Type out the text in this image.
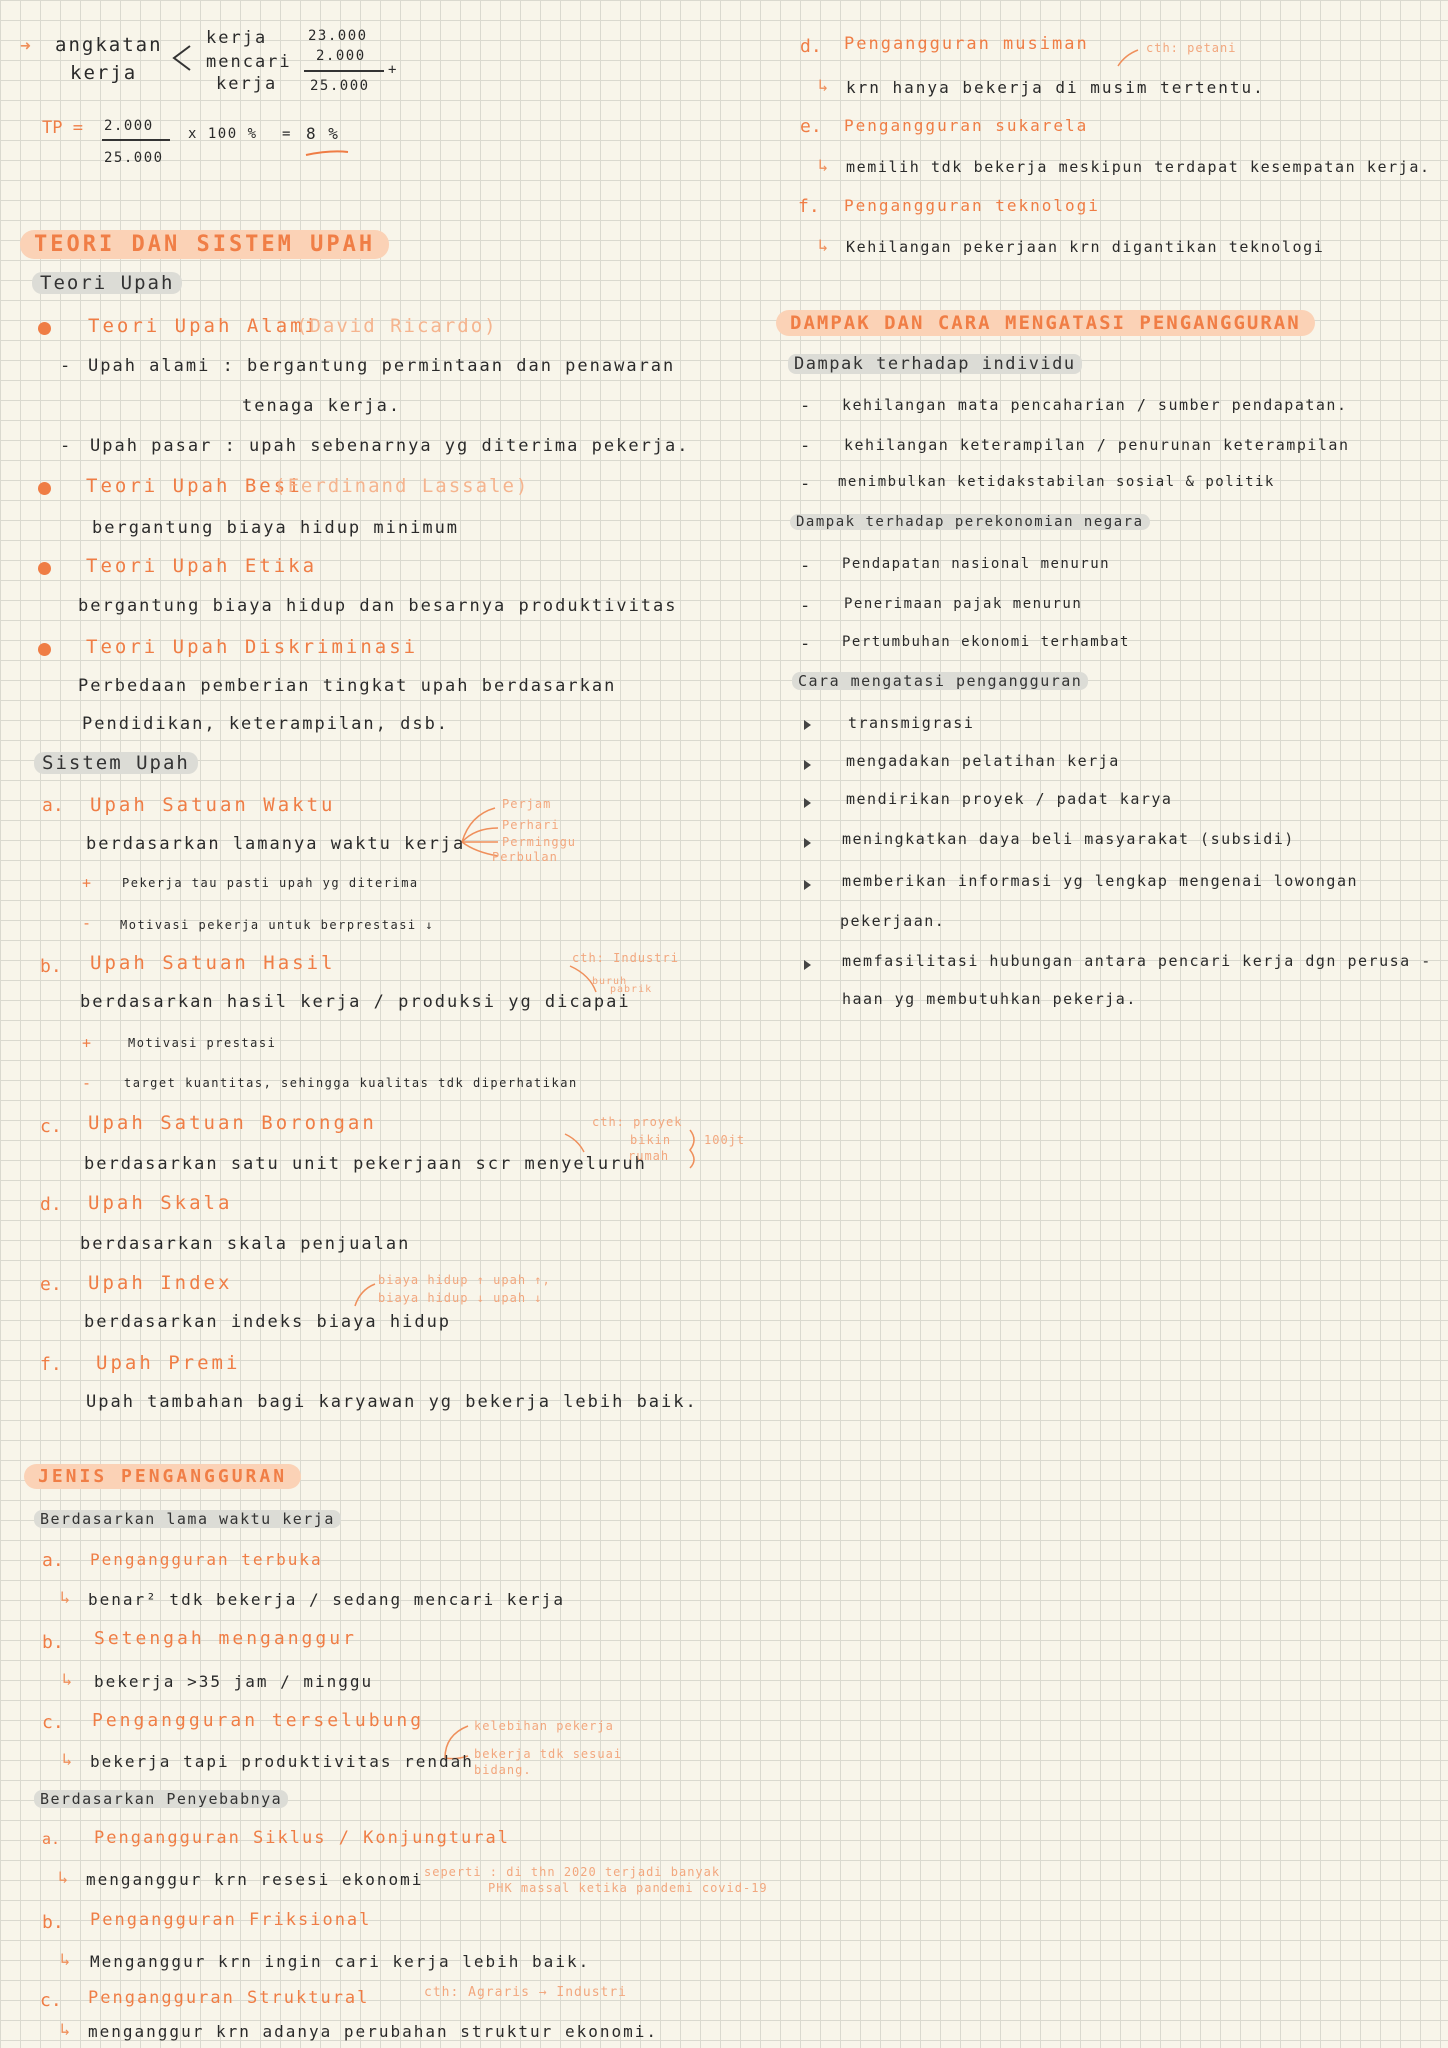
➜ angkatan
kerja
kerja
mencari
kerja
23.000
2.000
+
25.000
TP = 2.000
25.000
x 100 % = 8 %
TEORI DAN SISTEM UPAH
Teori Upah
Teori Upah Alami
(David Ricardo)
- Upah alami : bergantung permintaan dan penawaran
tenaga kerja.
- Upah pasar : upah sebenarnya yg diterima pekerja.
Teori Upah Besi
(Ferdinand Lassale)
bergantung biaya hidup minimum
Teori Upah Etika
bergantung biaya hidup dan besarnya produktivitas
Teori Upah Diskriminasi
Perbedaan pemberian tingkat upah berdasarkan
Pendidikan, keterampilan, dsb.
Sistem Upah
a. Upah Satuan Waktu
berdasarkan lamanya waktu kerja
Perjam
Perhari
Perminggu
Perbulan
+	Pekerja tau pasti upah yg diterima
- Motivasi pekerja untuk berprestasi ↓
b. Upah Satuan Hasil
berdasarkan hasil kerja / produksi yg dicapai
cth: Industri
buruh
pabrik
+	Motivasi prestasi
-	target kuantitas, sehingga kualitas tdk diperhatikan
c. Upah Satuan Borongan
berdasarkan satu unit pekerjaan scr menyeluruh
cth: proyek
bikin
rumah
100jt
d. Upah Skala
berdasarkan skala penjualan
e. Upah Index
berdasarkan indeks biaya hidup
biaya hidup ↑ upah ↑,
biaya hidup ↓ upah ↓
f. Upah Premi
Upah tambahan bagi karyawan yg bekerja lebih baik.
JENIS PENGANGGURAN
Berdasarkan lama waktu kerja
a. Pengangguran terbuka
↳ benar² tdk bekerja / sedang mencari kerja
b. Setengah menganggur
↳ bekerja >35 jam / minggu
c. Pengangguran terselubung
↳ bekerja tapi produktivitas rendah
kelebihan pekerja
bekerja tdk sesuai
bidang.
Berdasarkan Penyebabnya
a. Pengangguran Siklus / Konjungtural
↳ menganggur krn resesi ekonomi seperti : di thn 2020 terjadi banyak
PHK massal ketika pandemi covid-19
b. Pengangguran Friksional
↳ Menganggur krn ingin cari kerja lebih baik.
c. Pengangguran Struktural	cth: Agraris → Industri
↳ menganggur krn adanya perubahan struktur ekonomi.
d. Pengangguran musiman	cth: petani
↳ krn hanya bekerja di musim tertentu.
e. Pengangguran sukarela
↳ memilih tdk bekerja meskipun terdapat kesempatan kerja.
f. Pengangguran teknologi
↳ Kehilangan pekerjaan krn digantikan teknologi
DAMPAK DAN CARA MENGATASI PENGANGGURAN
Dampak terhadap individu
- kehilangan mata pencaharian / sumber pendapatan.
- kehilangan keterampilan / penurunan keterampilan
- menimbulkan ketidakstabilan sosial & politik
Dampak terhadap perekonomian negara
- Pendapatan nasional menurun
- Penerimaan pajak menurun
- Pertumbuhan ekonomi terhambat
Cara mengatasi pengangguran
transmigrasi
mengadakan pelatihan kerja
mendirikan proyek / padat karya
meningkatkan daya beli masyarakat (subsidi)
memberikan informasi yg lengkap mengenai lowongan
pekerjaan.
memfasilitasi hubungan antara pencari kerja dgn perusa -
haan yg membutuhkan pekerja.
